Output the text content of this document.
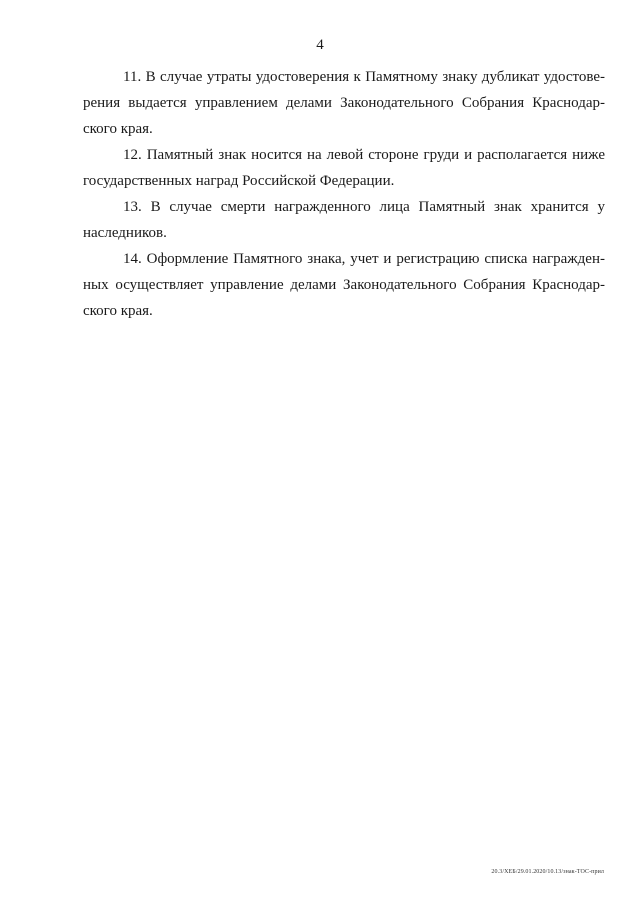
4

11. В случае утраты удостоверения к Памятному знаку дубликат удостове-
рения выдается управлением делами Законодательного Собрания Краснодар-
ского края.

12. Памятный знак носится на левой стороне груди и располагается ниже
государственных наград Российской Федерации.

13. В случае смерти награжденного лица Памятный знак хранится у
наследников.

14. Оформление Памятного знака, учет и регистрацию списка награжден-
ных осуществляет управление делами Законодательного Собрания Краснодар-
ского края.

20.3/ХЕБ/29.01.2020/10.13/знак-ТОС-прил
